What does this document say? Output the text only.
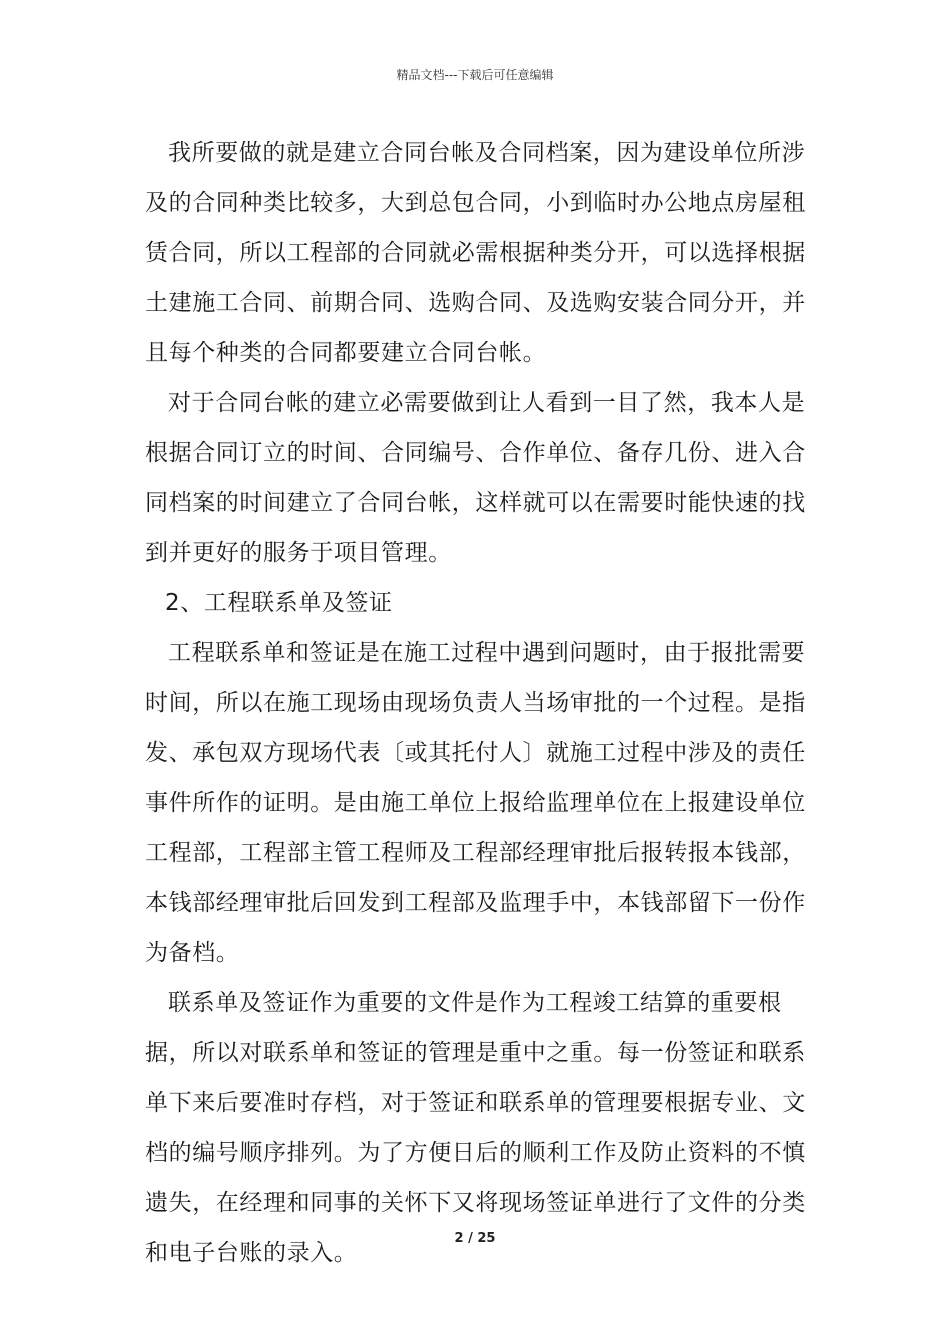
精品文档---下载后可任意编辑

我所要做的就是建立合同台帐及合同档案，因为建设单位所涉及的合同种类比较多，大到总包合同，小到临时办公地点房屋租赁合同，所以工程部的合同就必需根据种类分开，可以选择根据土建施工合同、前期合同、选购合同、及选购安装合同分开，并且每个种类的合同都要建立合同台帐。

对于合同台帐的建立必需要做到让人看到一目了然，我本人是根据合同订立的时间、合同编号、合作单位、备存几份、进入合同档案的时间建立了合同台帐，这样就可以在需要时能快速的找到并更好的服务于项目管理。

2、工程联系单及签证

工程联系单和签证是在施工过程中遇到问题时，由于报批需要时间，所以在施工现场由现场负责人当场审批的一个过程。是指发、承包双方现场代表〔或其托付人〕就施工过程中涉及的责任事件所作的证明。是由施工单位上报给监理单位在上报建设单位工程部，工程部主管工程师及工程部经理审批后报转报本钱部，本钱部经理审批后回发到工程部及监理手中，本钱部留下一份作为备档。

联系单及签证作为重要的文件是作为工程竣工结算的重要根据，所以对联系单和签证的管理是重中之重。每一份签证和联系单下来后要准时存档，对于签证和联系单的管理要根据专业、文档的编号顺序排列。为了方便日后的顺利工作及防止资料的不慎遗失，在经理和同事的关怀下又将现场签证单进行了文件的分类和电子台账的录入。

2 / 25
